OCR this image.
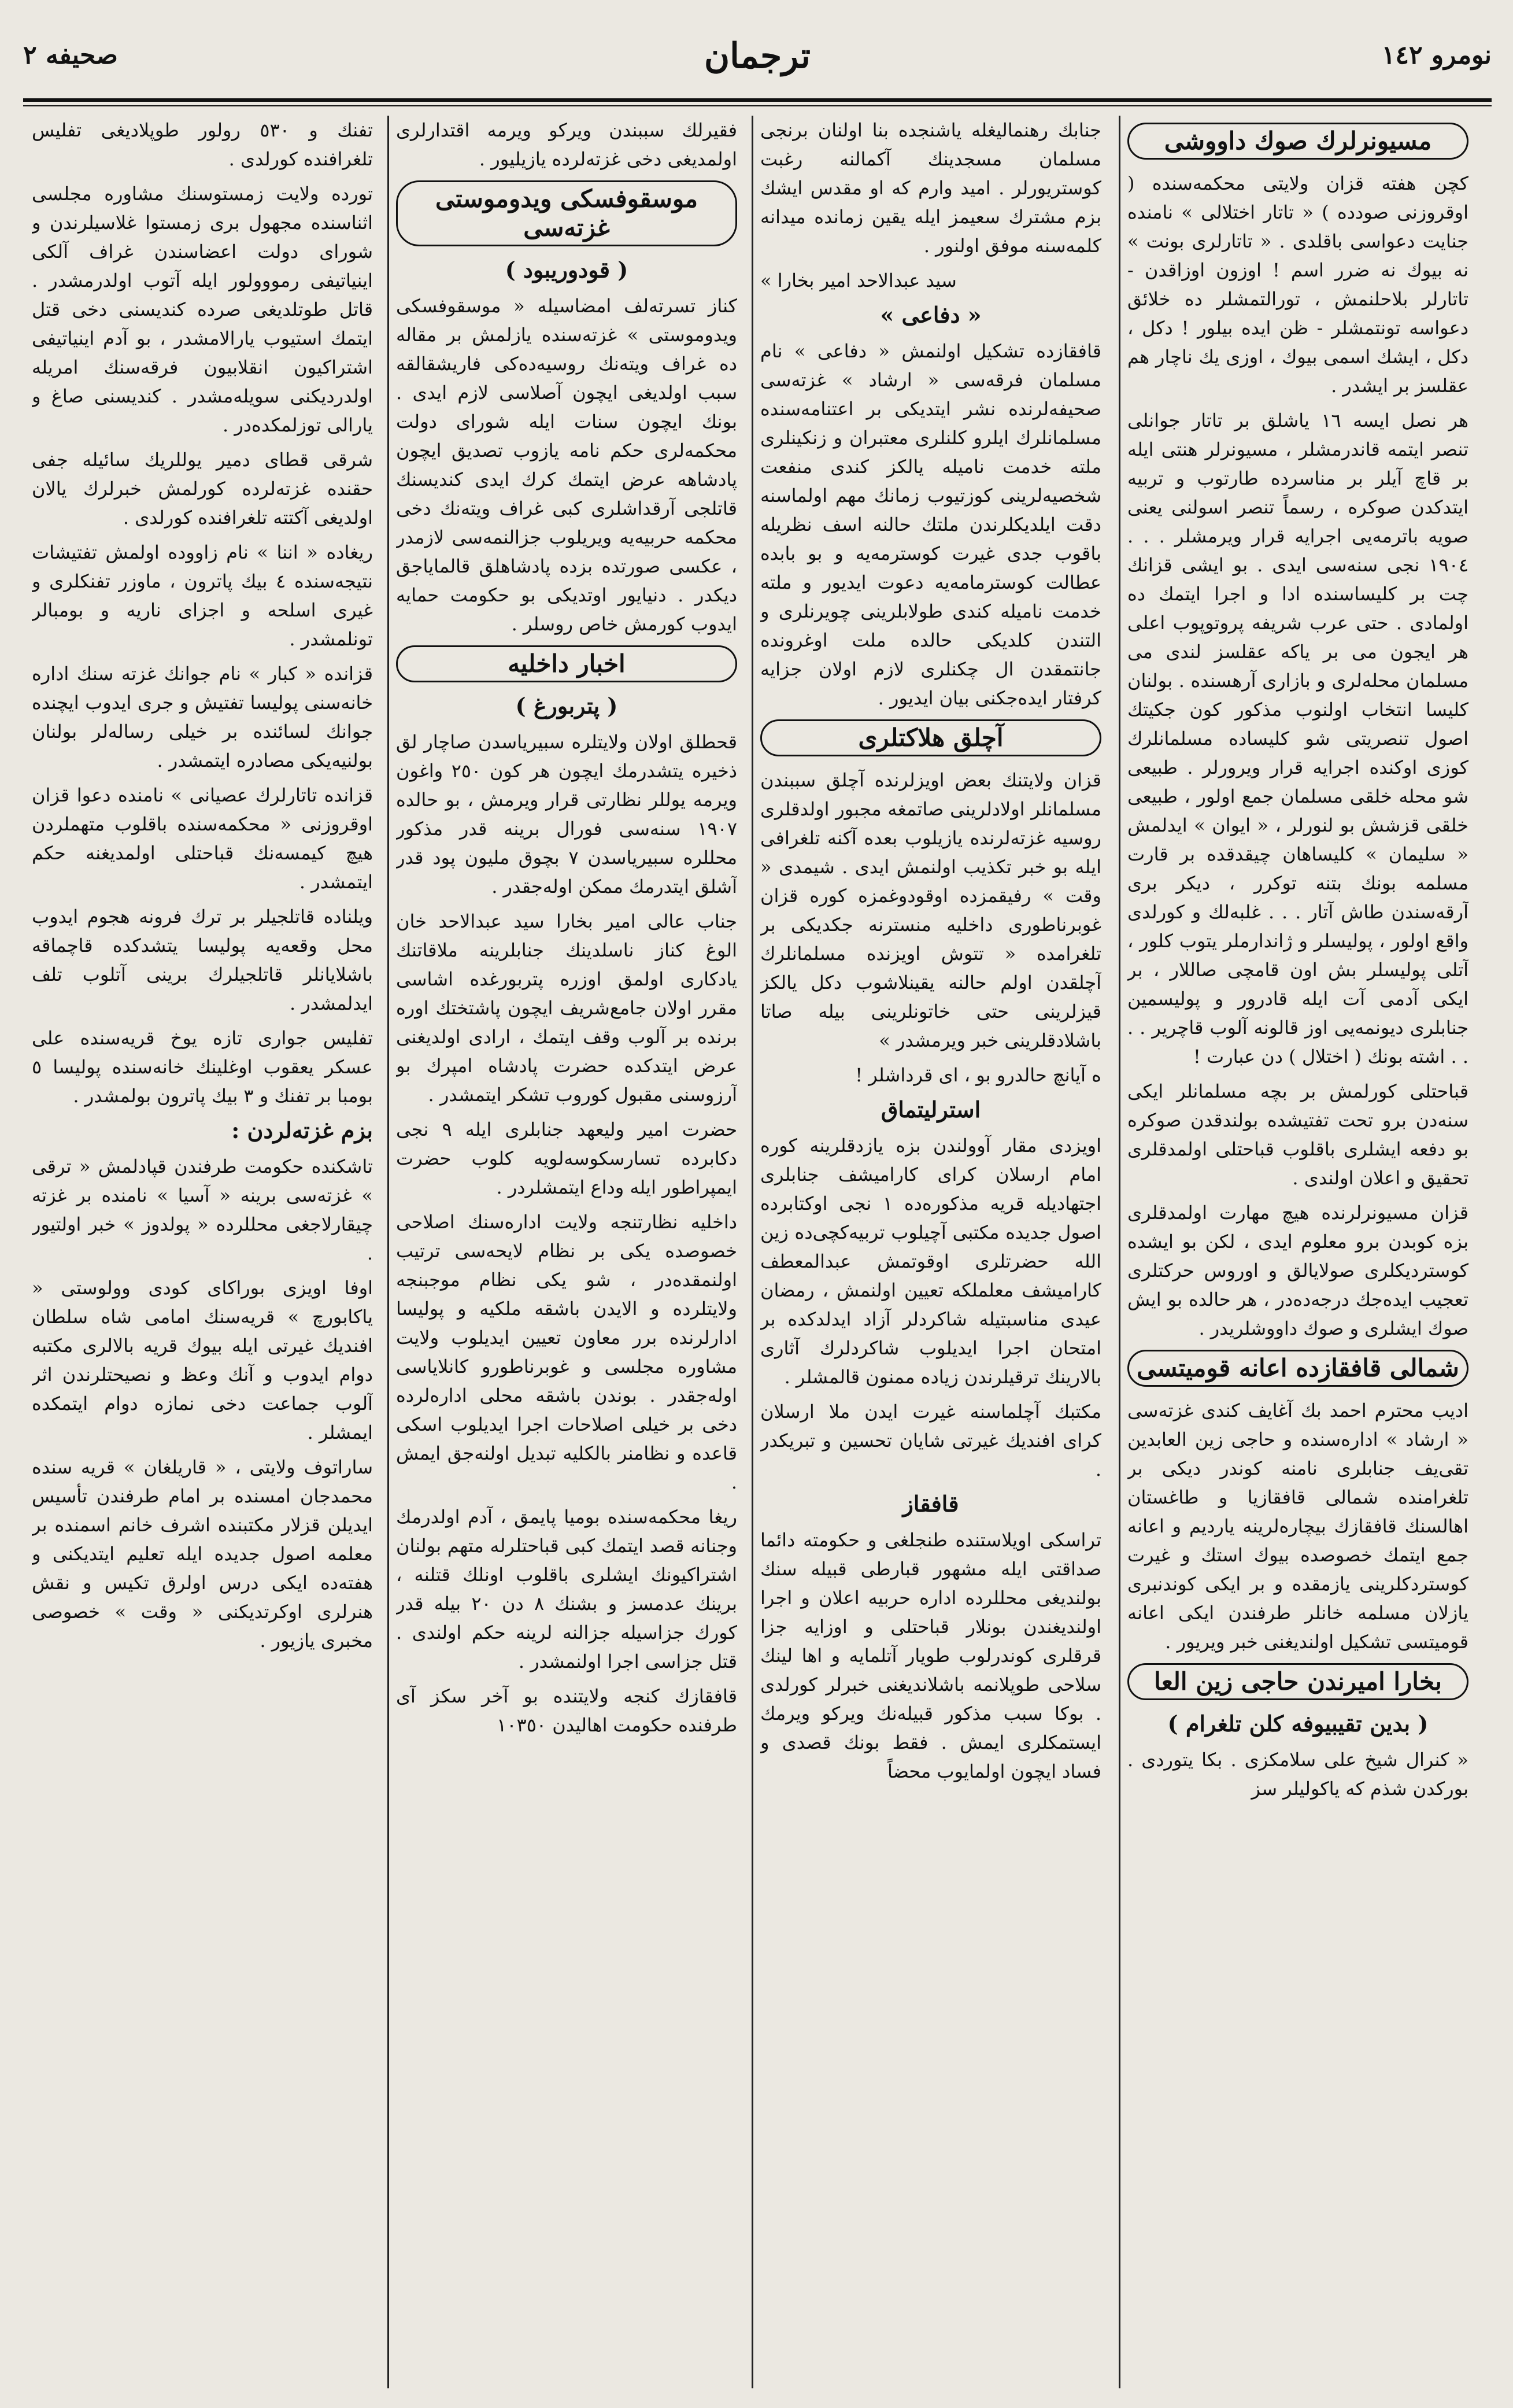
نومرو ۱٤٢
ترجمان
صحيفه ٢
مسيونرلرك صوك داووشى

كچن هفته قزان ولايتى محكمه‌سنده ( اوقروزنى صودده ) « تاتار اختلالى » نامنده جنايت دعواسى باقلدى . « تاتارلرى بونت » نه بيوك نه ضرر اسم ! اوزون اوزاقدن - تاتارلر بلاحلنمش ، تورالتمشلر ده خلائق دعواسه تونتمشلر - ظن ايده بيلور ! دكل ، دكل ، ايشك اسمى بيوك ، اوزى يك ناچار هم عقلسز بر ايشدر .

هر نصل ايسه ١٦ ياشلق بر تاتار جوانلى تنصر ايتمه قاندرمشلر ، مسيونرلر هنتى ايله بر قاچ آيلر بر مناسرده طارتوب و تربيه ايتدكدن صوكره ، رسماً تنصر اسولنى يعنى صويه باترمه‌يى اجرايه قرار ويرمشلر . . . ١٩٠٤ نجى سنه‌سى ايدى . بو ايشى قزانك چت بر كليساسنده ادا و اجرا ايتمك ده اولمادى . حتى عرب شريفه پروتوپوب اعلى هر ايجون مى بر ياكه عقلسز لندى مى مسلمان محله‌لرى و بازارى آرهسنده . بولنان كليسا انتخاب اولنوب مذكور كون جكيتك اصول تنصريتى شو كليساده مسلمانلرك كوزى اوكنده اجرايه قرار ويرورلر . طبيعى شو محله خلقى مسلمان جمع اولور ، طبيعى خلقى قزشش بو لنورلر ، « ايوان » ايدلمش « سليمان » كليساهان چيقدقده بر قارت مسلمه بونك بتنه توكرر ، ديكر برى آرقه‌سندن طاش آتار . . . غلبه‌لك و كورلدى واقع اولور ، پوليسلر و ژاندارملر يتوب كلور ، آتلى پوليسلر بش اون قامچى صاللار ، بر ايكى آدمى آت ايله قادرور و پوليسمين جنابلرى ديونمه‌يى اوز قالونه آلوب قاچرير . . . . اشته بونك ( اختلال ) دن عبارت !

قباحتلى كورلمش بر بچه مسلمانلر ايكى سنه‌دن برو تحت تفتيشده بولندقدن صوكره بو دفعه ايشلرى باقلوب قباحتلى اولمدقلرى تحقيق و اعلان اولندى .

قزان مسيونرلرنده هيچ مهارت اولمدقلرى بزه كوبدن برو معلوم ايدى ، لكن بو ايشده كوسترديكلرى صولايالق و اوروس حركتلرى تعجيب ايده‌جك درجه‌ده‌در ، هر حالده بو ايش صوك ايشلرى و صوك داووشلريدر .

شمالى قافقازده اعانه قوميتسى

اديب محترم احمد بك آغايف كندى غزته‌سى « ارشاد » اداره‌سنده و حاجى زين العابدين تقى‌يف جنابلرى نامنه كوندر ديكى بر تلغرامنده شمالى قافقازيا و طاغستان اهالسنك قافقازك بيچاره‌لرينه يارديم و اعانه جمع ايتمك خصوصده بيوك استك و غيرت كوستردكلرينى يازمقده و بر ايكى كوندنبرى يازلان مسلمه خانلر طرفندن ايكى اعانه قوميتسى تشكيل اولنديغنى خبر ويريور .

بخارا اميرندن حاجى زين العا
( بدين تقيبيوفه كلن تلغرام )

« كنرال شيخ على سلامكزى . بكا يتوردى . بوركدن شذم كه ياكوليلر سز

جنابك رهنماليغله ياشنجده بنا اولنان برنجى مسلمان مسجدينك آكمالنه رغبت كوستريورلر . اميد وارم كه او مقدس ايشك بزم مشترك سعيمز ايله يقين زمانده ميدانه كلمه‌سنه موفق اولنور .

سيد عبدالاحد امير بخارا »

« دفاعى »

قافقازده تشكيل اولنمش « دفاعى » نام مسلمان فرقه‌سى « ارشاد » غزته‌سى صحيفه‌لرنده نشر ايتديكى بر اعتنامه‌سنده مسلمانلرك ايلرو كلنلرى معتبران و زنكينلرى ملته خدمت ناميله يالكز كندى منفعت شخصيه‌لرينى كوزتيوب زمانك مهم اولماسنه دقت ايلديكلرندن ملتك حالنه اسف نظريله باقوب جدى غيرت كوسترمه‌يه و بو بابده عطالت كوسترمامه‌يه دعوت ايديور و ملته خدمت ناميله كندى طولابلرينى چويرنلرى و التندن كلديكى حالده ملت اوغرونده جانتمقدن ال چكنلرى لازم اولان جزايه كرفتار ايده‌جكنى بيان ايديور .

آچلق هلاكتلرى

قزان ولايتنك بعض اويزلرنده آچلق سببندن مسلمانلر اولادلرينى صاتمغه مجبور اولدقلرى روسيه غزته‌لرنده يازيلوب بعده آكنه تلغرافى ايله بو خبر تكذيب اولنمش ايدى . شيمدى « وقت » رفيقمزده اوقودوغمزه كوره قزان غوبرناطورى داخليه منسترنه جكديكى بر تلغرامده « تتوش اويزنده مسلمانلرك آچلقدن اولم حالنه يقينلاشوب دكل يالكز قيزلرينى حتى خاتونلرينى بيله صاتا باشلادقلرينى خبر ويرمشدر »

ه آيانچ حالدرو بو ، اى قرداشلر !

استرليتماق

اويزدى مقار آوولندن بزه يازدقلرينه كوره امام ارسلان كراى كاراميشف جنابلرى اجتهاديله قريه مذكوره‌ده ١ نجى اوكتابرده اصول جديده مكتبى آچيلوب تربيه‌كچى‌ده زين الله حضرتلرى اوقوتمش عبدالمعطف كاراميشف معلملكه تعيين اولنمش ، رمضان عيدى مناسبتيله شاكردلر آزاد ايدلدكده بر امتحان اجرا ايديلوب شاكردلرك آثارى بالارينك ترقيلرندن زياده ممنون قالمشلر .

مكتبك آچلماسنه غيرت ايدن ملا ارسلان كراى افنديك غيرتى شايان تحسين و تبريكدر .

قافقاز

تراسكى اويلاستنده طنجلغى و حكومته دائما صداقتى ايله مشهور قبارطى قبيله سنك بولنديغى محللرده اداره حربيه اعلان و اجرا اولنديغندن بونلار قباحتلى و اوزايه جزا قرقلرى كوندرلوب طويار آتلمايه و اها لينك سلاحى طوپلانمه باشلانديغنى خبرلر كورلدى . بوكا سبب مذكور قبيله‌نك ويركو ويرمك ايستمكلرى ايمش . فقط بونك قصدى و فساد ايچون اولمايوب محضاً

فقيرلك سببندن ويركو ويرمه اقتدارلرى اولمديغى دخى غزته‌لرده يازيليور .

موسقوفسكى ويدوموستى غزته‌سى
( قودوريبود )

كناز تسرته‌لف امضاسيله « موسقوفسكى ويدوموستى » غزته‌سنده يازلمش بر مقاله ده غراف ويته‌نك روسيه‌ده‌كى فاريشقالقه سبب اولديغى ايچون آصلاسى لازم ايدى . بونك ايچون سنات ايله شوراى دولت محكمه‌لرى حكم نامه يازوب تصديق ايچون پادشاهه عرض ايتمك كرك ايدى كنديسنك قاتلجى آرقداشلرى كبى غراف ويته‌نك دخى محكمه حربيه‌يه ويريلوب جزالنمه‌سى لازمدر ، عكسى صورتده بزده پادشاهلق قالماياجق ديكدر . دنيايور اوتديكى بو حكومت حمايه ايدوب كورمش خاص روسلر .

اخبار داخليه
( پتربورغ )

قحطلق اولان ولايتلره سبيرياسدن صاچار لق ذخيره يتشدرمك ايچون هر كون ٢٥٠ واغون ويرمه يوللر نظارتى قرار ويرمش ، بو حالده ١٩٠٧ سنه‌سى فورال برينه قدر مذكور محللره سبيرياسدن ٧ بچوق مليون پود قدر آشلق ايتدرمك ممكن اوله‌جقدر .

جناب عالى امير بخارا سيد عبدالاحد خان الوغ كناز ناسلدينك جنابلرينه ملاقاتنك يادكارى اولمق اوزره پتربورغده اشاسى مقرر اولان جامع‌شريف ايچون پاشتختك اوره برنده بر آلوب وقف ايتمك ، ارادى اولديغنى عرض ايتدكده حضرت پادشاه امپرك بو آرزوسنى مقبول كوروب تشكر ايتمشدر .

حضرت امير وليعهد جنابلرى ايله ٩ نجى دكابرده تسارسكوسه‌لويه كلوب حضرت ايمپراطور ايله وداع ايتمشلردر .

داخليه نظارتنجه ولايت اداره‌سنك اصلاحى خصوصده يكى بر نظام لايحه‌سى ترتيب اولنمقده‌در ، شو يكى نظام موجبنجه ولايتلرده و الايدن باشقه ملكيه و پوليسا ادارلرنده برر معاون تعيين ايديلوب ولايت مشاوره مجلسى و غوبرناطورو كانلاياسى اوله‌جقدر . بوندن باشقه محلى اداره‌لرده دخى بر خيلى اصلاحات اجرا ايديلوب اسكى قاعده و نظامنر بالكليه تبديل اولنه‌جق ايمش .

ريغا محكمه‌سنده بوميا پايمق ، آدم اولدرمك وجنانه قصد ايتمك كبى قباحتلرله متهم بولنان اشتراكيونك ايشلرى باقلوب اونلك قتلنه ، برينك عدمسز و بشنك ٨ دن ٢٠ بيله قدر كورك جزاسيله جزالنه لرينه حكم اولندى . قتل جزاسى اجرا اولنمشدر .

قافقازك كنجه ولايتنده بو آخر سكز آى طرفنده حكومت اهاليدن ١٠٣٥٠

تفنك و ٥٣٠ رولور طوپلاديغى تفليس تلغرافنده كورلدى .

تورده ولايت زمستوسنك مشاوره مجلسى اثناسنده مجهول برى زمستوا غلاسيلرندن و شوراى دولت اعضاسندن غراف آلكى اينياتيفى رمووولور ايله آتوب اولدرمشدر . قاتل طوتلديغى صرده كنديسنى دخى قتل ايتمك استيوب يارالامشدر ، بو آدم اينياتيفى اشتراكيون انقلابيون فرقه‌سنك امريله اولدرديكنى سويله‌مشدر . كنديسنى صاغ و يارالى توزلمكده‌در .

شرقى قطاى دمير يوللريك سائيله جفى حقنده غزته‌لرده كورلمش خبرلرك يالان اولديغى آكتته تلغرافنده كورلدى .

ريغاده « اننا » نام زاووده اولمش تفتيشات نتيجه‌سنده ٤ بيك پاترون ، ماوزر تفنكلرى و غيرى اسلحه و اجزاى ناريه و بومبالر تونلمشدر .

قزانده « كبار » نام جوانك غزته سنك اداره خانه‌سنى پوليسا تفتيش و جرى ايدوب ايچنده جوانك لسائنده بر خيلى رساله‌لر بولنان بولنيه‌يكى مصادره ايتمشدر .

قزانده تاتارلرك عصيانى » نامنده دعوا قزان اوقروزنى « محكمه‌سنده باقلوب متهملردن هيچ كيمسه‌نك قباحتلى اولمديغنه حكم ايتمشدر .

ويلناده قاتلجيلر بر ترك فرونه هجوم ايدوب محل وقعه‌يه پوليسا يتشدكده قاچماقه باشلايانلر قاتلجيلرك برينى آتلوب تلف ايدلمشدر .

تفليس جوارى تازه يوخ قريه‌سنده على عسكر يعقوب اوغلينك خانه‌سنده پوليسا ٥ بومبا بر تفنك و ٣ بيك پاترون بولمشدر .

بزم غزته‌لردن :

تاشكنده حكومت طرفندن قپادلمش « ترقى » غزته‌سى برينه « آسيا » نامنده بر غزته چيقارلاجغى محللرده « پولدوز » خبر اولتيور .

اوفا اويزى بوراكاى كودى وولوستى « ياكابورچ » قريه‌سنك امامى شاه سلطان افنديك غيرتى ايله بيوك قريه بالالرى مكتبه دوام ايدوب و آنك وعظ و نصيحتلرندن اثر آلوب جماعت دخى نمازه دوام ايتمكده ايمشلر .

ساراتوف ولايتى ، « قاريلغان » قريه سنده محمدجان امسنده بر امام طرفندن تأسيس ايديلن قزلار مكتبنده اشرف خانم اسمنده بر معلمه اصول جديده ايله تعليم ايتديكنى و هفته‌ده ايكى درس اولرق تكيس و نقش هنرلرى اوكرتديكنى « وقت » خصوصى مخبرى يازيور .
